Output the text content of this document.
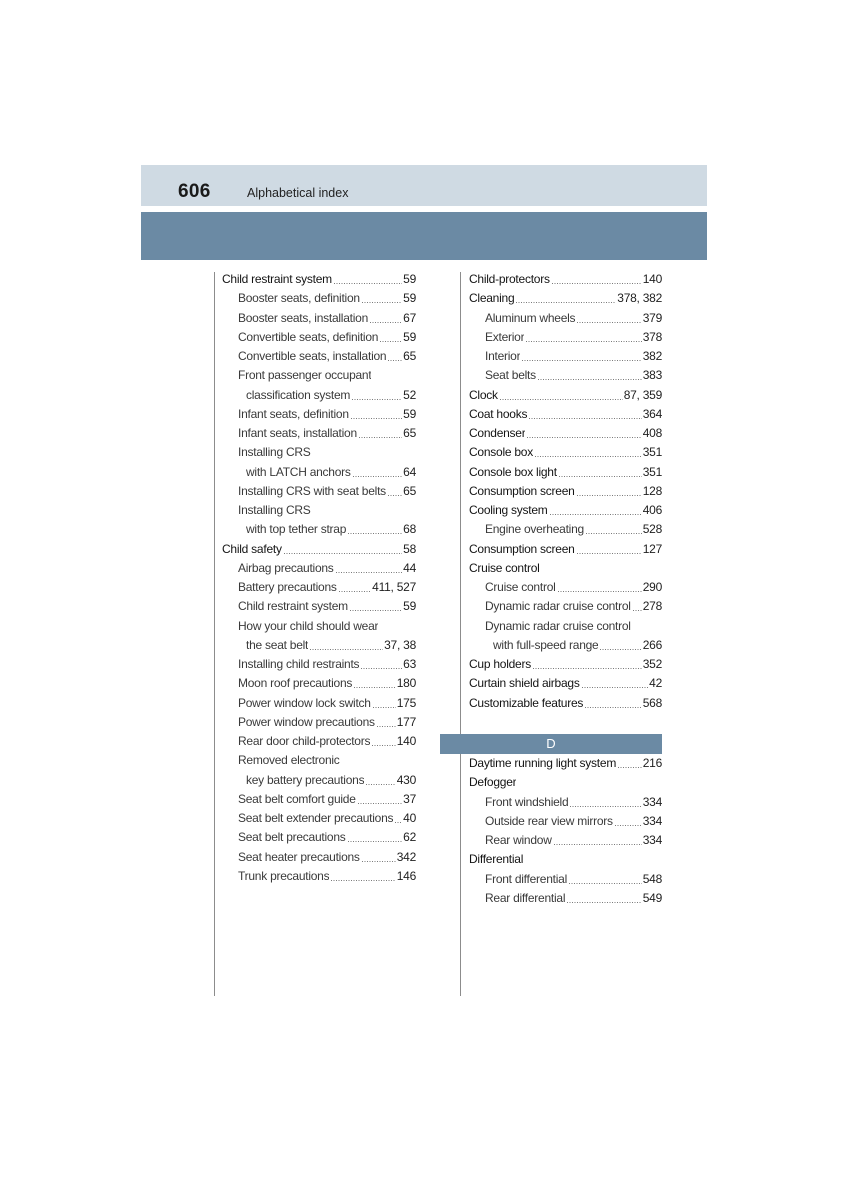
606	Alphabetical index
Child restraint system	59
Booster seats, definition	59
Booster seats, installation	67
Convertible seats, definition 59
Convertible seats, installation 65
Front passenger occupant
classification system	52
Infant seats, definition	59
Infant seats, installation	65
Installing CRS
with LATCH anchors	64
Installing CRS with seat belts 65
Installing CRS
with top tether strap	68
Child safety	58
Airbag precautions	44
Battery precautions	411, 527
Child restraint system	59
How your child should wear
the seat belt	37, 38
Installing child restraints	63
Moon roof precautions	180
Power window lock switch 175
Power window precautions 177
Rear door child-protectors 140
Removed electronic
key battery precautions	430
Seat belt comfort guide	37
Seat belt extender precautions 40
Seat belt precautions	62
Seat heater precautions	342
Trunk precautions	146
Child-protectors	140
Cleaning	378, 382
Aluminum wheels	379
Exterior	378
Interior	382
Seat belts	383
Clock	87, 359
Coat hooks	364
Condenser	408
Console box	351
Console box light	351
Consumption screen	128
Cooling system	406
Engine overheating	528
Consumption screen	127
Cruise control
Cruise control	290
Dynamic radar cruise control 278
Dynamic radar cruise control
with full-speed range	266
Cup holders	352
Curtain shield airbags	42
Customizable features	568
D
Daytime running light system 216
Defogger
Front windshield	334
Outside rear view mirrors 334
Rear window	334
Differential
Front differential	548
Rear differential	549
